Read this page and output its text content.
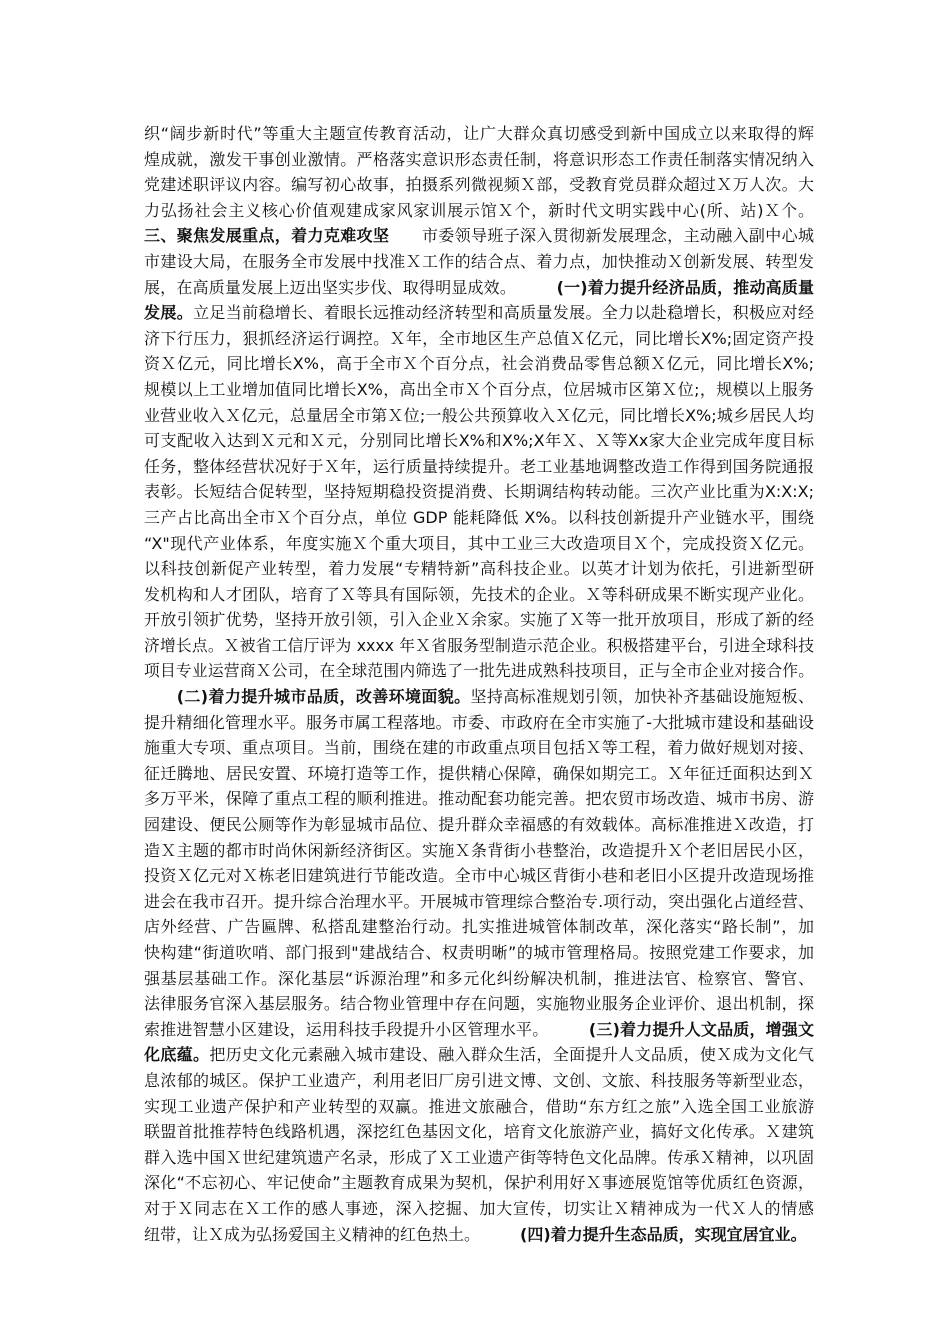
织“阔步新时代”等重大主题宣传教育活动，让广大群众真切感受到新中国成立以来取得的辉
煌成就，激发干事创业激情。严格落实意识形态责任制，将意识形态工作责任制落实情况纳入
党建述职评议内容。编写初心故事，拍摄系列微视频Ｘ部，受教育党员群众超过Ｘ万人次。大
力弘扬社会主义核心价值观建成家风家训展示馆Ｘ个，新时代文明实践中心(所、站)Ｘ个。
三、聚焦发展重点，着力克难攻坚　　市委领导班子深入贯彻新发展理念，主动融入副中心城
市建设大局，在服务全市发展中找准Ｘ工作的结合点、着力点，加快推动Ｘ创新发展、转型发
展，在高质量发展上迈出坚实步伐、取得明显成效。　　　(一)着力提升经济品质，推动高质量
发展。立足当前稳增长、着眼长远推动经济转型和高质量发展。全力以赴稳增长，积极应对经
济下行压力，狠抓经济运行调控。Ｘ年，全市地区生产总值Ｘ亿元，同比增长X%;固定资产投
资Ｘ亿元，同比增长X%，高于全市Ｘ个百分点，社会消费品零售总额Ｘ亿元，同比增长X%;
规模以上工业增加值同比增长X%，高出全市Ｘ个百分点，位居城市区第Ｘ位;，规模以上服务
业营业收入Ｘ亿元，总量居全市第Ｘ位;一般公共预算收入Ｘ亿元，同比增长X%;城乡居民人均
可支配收入达到Ｘ元和Ｘ元，分别同比增长X%和X%;X年Ｘ、Ｘ等Xx家大企业完成年度目标
任务，整体经营状况好于Ｘ年，运行质量持续提升。老工业基地调整改造工作得到国务院通报
表彰。长短结合促转型，坚持短期稳投资提消费、长期调结构转动能。三次产业比重为X:X:X;
三产占比高出全市Ｘ个百分点，单位 GDP 能耗降低 X%。以科技创新提升产业链水平，围绕
“X"现代产业体系，年度实施Ｘ个重大项目，其中工业三大改造项目Ｘ个，完成投资Ｘ亿元。
以科技创新促产业转型，着力发展“专精特新”高科技企业。以英才计划为依托，引进新型研
发机构和人才团队，培育了Ｘ等具有国际领，先技术的企业。Ｘ等科研成果不断实现产业化。
开放引领扩优势，坚持开放引领，引入企业Ｘ余家。实施了Ｘ等一批开放项目，形成了新的经
济增长点。Ｘ被省工信厅评为 xxxx 年Ｘ省服务型制造示范企业。积极搭建平台，引进全球科技
项目专业运营商Ｘ公司，在全球范围内筛选了一批先进成熟科技项目，正与全市企业对接合作。
　　(二)着力提升城市品质，改善环境面貌。坚持高标准规划引领，加快补齐基础设施短板、
提升精细化管理水平。服务市属工程落地。市委、市政府在全市实施了-大批城市建设和基础设
施重大专项、重点项目。当前，围绕在建的市政重点项目包括Ｘ等工程，着力做好规划对接、
征迁腾地、居民安置、环境打造等工作，提供精心保障，确保如期完工。Ｘ年征迁面积达到Ｘ
多万平米，保障了重点工程的顺利推进。推动配套功能完善。把农贸市场改造、城市书房、游
园建设、便民公厕等作为彰显城市品位、提升群众幸福感的有效载体。高标准推进Ｘ改造，打
造Ｘ主题的都市时尚休闲新经济街区。实施Ｘ条背街小巷整治，改造提升Ｘ个老旧居民小区，
投资Ｘ亿元对Ｘ栋老旧建筑进行节能改造。全市中心城区背街小巷和老旧小区提升改造现场推
进会在我市召开。提升综合治理水平。开展城市管理综合整治专.项行动，突出强化占道经营、
店外经营、广告匾牌、私搭乱建整治行动。扎实推进城管体制改革，深化落实“路长制”，加
快构建“街道吹哨、部门报到"建战结合、权责明晰”的城市管理格局。按照党建工作要求，加
强基层基础工作。深化基层“诉源治理”和多元化纠纷解决机制，推进法官、检察官、警官、
法律服务官深入基层服务。结合物业管理中存在问题，实施物业服务企业评价、退出机制，探
索推进智慧小区建设，运用科技手段提升小区管理水平。　　　(三)着力提升人文品质，增强文
化底蕴。把历史文化元素融入城市建设、融入群众生活，全面提升人文品质，使Ｘ成为文化气
息浓郁的城区。保护工业遗产，利用老旧厂房引进文博、文创、文旅、科技服务等新型业态，
实现工业遗产保护和产业转型的双赢。推进文旅融合，借助“东方红之旅”入选全国工业旅游
联盟首批推荐特色线路机遇，深挖红色基因文化，培育文化旅游产业，搞好文化传承。Ｘ建筑
群入选中国Ｘ世纪建筑遗产名录，形成了Ｘ工业遗产街等特色文化品牌。传承Ｘ精神，以巩固
深化“不忘初心、牢记使命”主题教育成果为契机，保护利用好Ｘ事迹展览馆等优质红色资源，
对于Ｘ同志在Ｘ工作的感人事迹，深入挖掘、加大宣传，切实让Ｘ精神成为一代Ｘ人的情感
纽带，让Ｘ成为弘扬爱国主义精神的红色热土。　　　(四)着力提升生态品质，实现宜居宜业。
